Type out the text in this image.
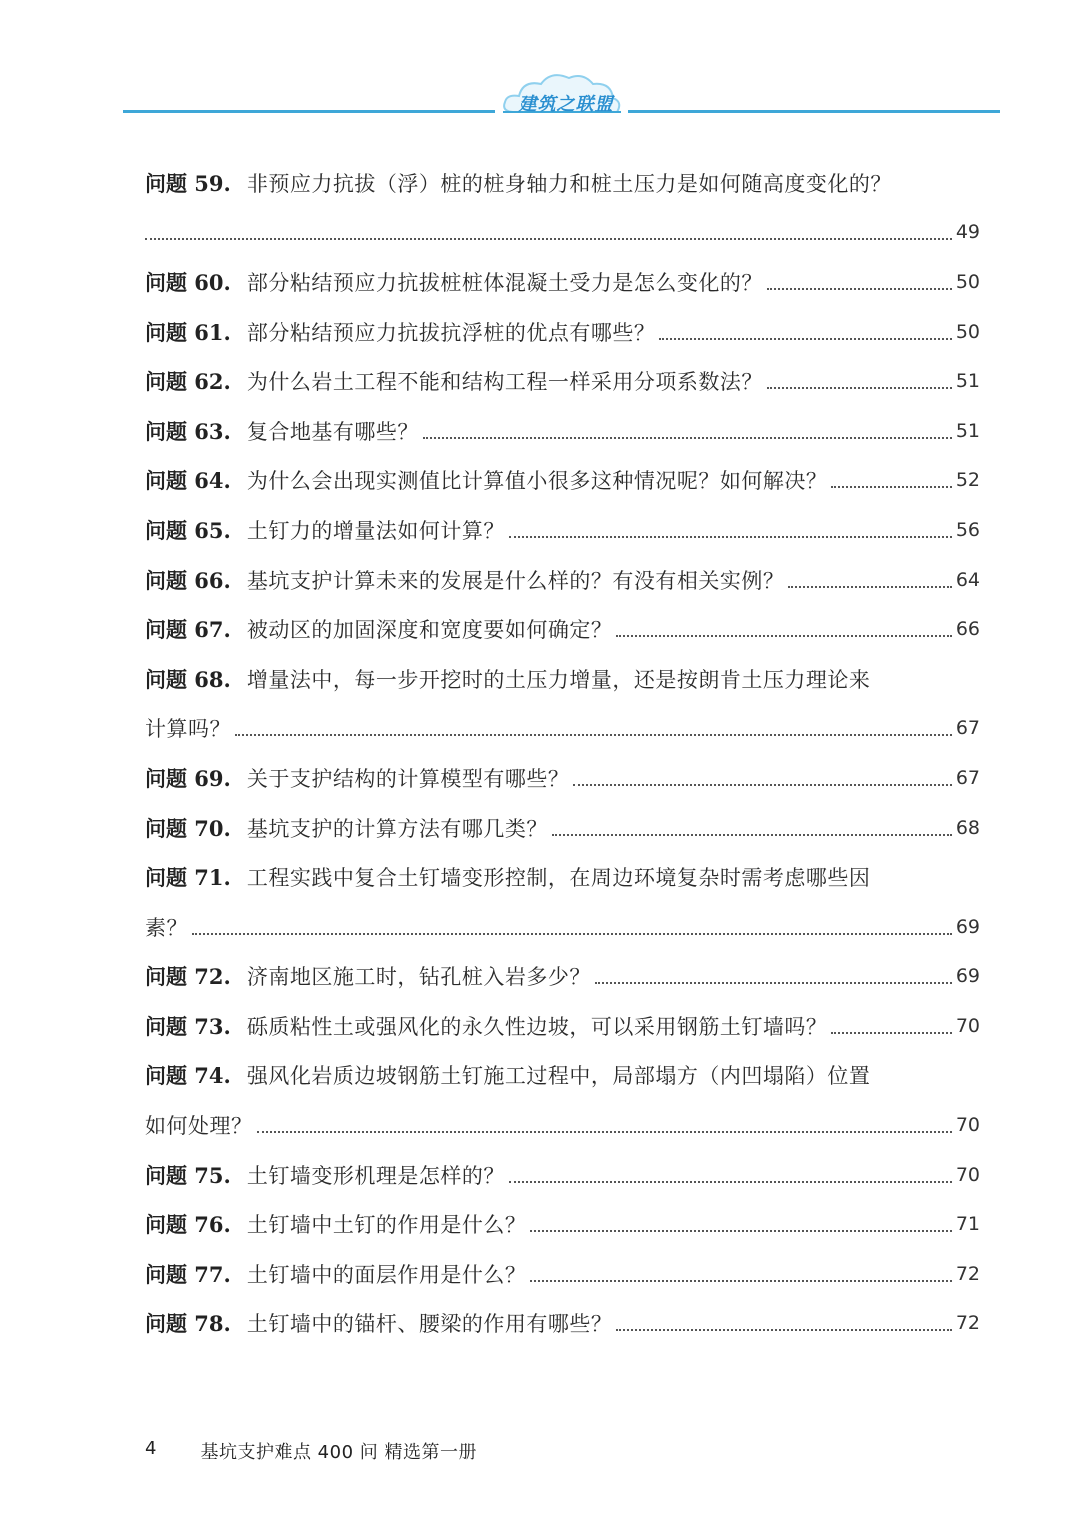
建筑之联盟
问题 59. 非预应力抗拔（浮）桩的桩身轴力和桩土压力是如何随高度变化的？
49
问题 60. 部分粘结预应力抗拔桩桩体混凝土受力是怎么变化的？	50
问题 61. 部分粘结预应力抗拔抗浮桩的优点有哪些？	50
问题 62. 为什么岩土工程不能和结构工程一样采用分项系数法？	51
问题 63. 复合地基有哪些？	51
问题 64. 为什么会出现实测值比计算值小很多这种情况呢？如何解决？	52
问题 65. 土钉力的增量法如何计算？	56
问题 66. 基坑支护计算未来的发展是什么样的？有没有相关实例？	64
问题 67. 被动区的加固深度和宽度要如何确定？	66
问题 68. 增量法中，每一步开挖时的土压力增量，还是按朗肯土压力理论来
计算吗？	67
问题 69. 关于支护结构的计算模型有哪些？	67
问题 70. 基坑支护的计算方法有哪几类？	68
问题 71. 工程实践中复合土钉墙变形控制，在周边环境复杂时需考虑哪些因
素？	69
问题 72. 济南地区施工时，钻孔桩入岩多少？	69
问题 73. 砾质粘性土或强风化的永久性边坡，可以采用钢筋土钉墙吗？	70
问题 74. 强风化岩质边坡钢筋土钉施工过程中，局部塌方（内凹塌陷）位置
如何处理？	70
问题 75. 土钉墙变形机理是怎样的？	70
问题 76. 土钉墙中土钉的作用是什么？	71
问题 77. 土钉墙中的面层作用是什么？	72
问题 78. 土钉墙中的锚杆、腰梁的作用有哪些？	72
4 基坑支护难点 400 问 精选第一册
